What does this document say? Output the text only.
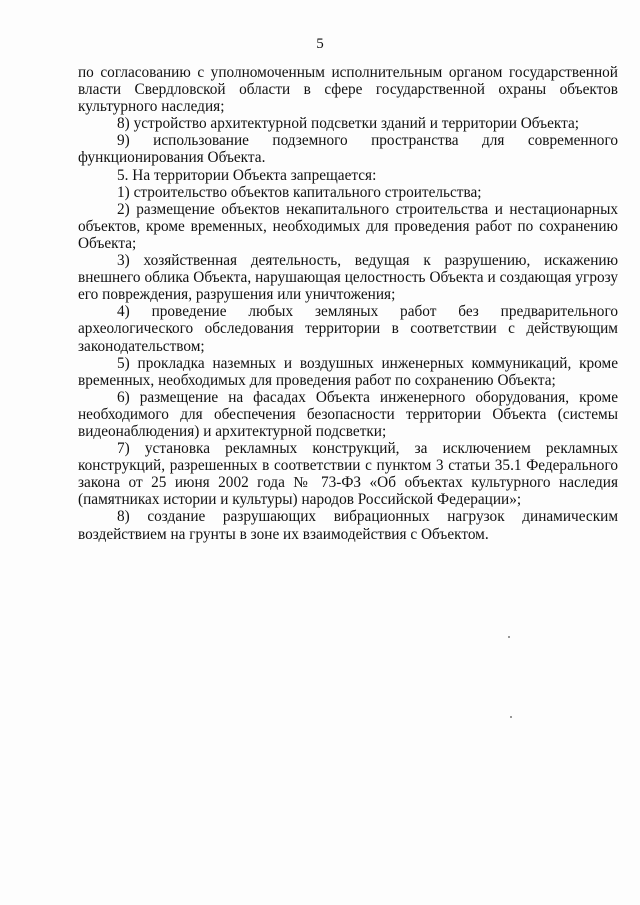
5

по согласованию с уполномоченным исполнительным органом государственной власти Свердловской области в сфере государственной охраны объектов культурного наследия;

8) устройство архитектурной подсветки зданий и территории Объекта;

9) использование подземного пространства для современного функционирования Объекта.

5. На территории Объекта запрещается:

1) строительство объектов капитального строительства;

2) размещение объектов некапитального строительства и нестационарных объектов, кроме временных, необходимых для проведения работ по сохранению Объекта;

3) хозяйственная деятельность, ведущая к разрушению, искажению внешнего облика Объекта, нарушающая целостность Объекта и создающая угрозу его повреждения, разрушения или уничтожения;

4) проведение любых земляных работ без предварительного археологического обследования территории в соответствии с действующим законодательством;

5) прокладка наземных и воздушных инженерных коммуникаций, кроме временных, необходимых для проведения работ по сохранению Объекта;

6) размещение на фасадах Объекта инженерного оборудования, кроме необходимого для обеспечения безопасности территории Объекта (системы видеонаблюдения) и архитектурной подсветки;

7) установка рекламных конструкций, за исключением рекламных конструкций, разрешенных в соответствии с пунктом 3 статьи 35.1 Федерального закона от 25 июня 2002 года № 73-ФЗ «Об объектах культурного наследия (памятниках истории и культуры) народов Российской Федерации»;

8) создание разрушающих вибрационных нагрузок динамическим воздействием на грунты в зоне их взаимодействия с Объектом.
